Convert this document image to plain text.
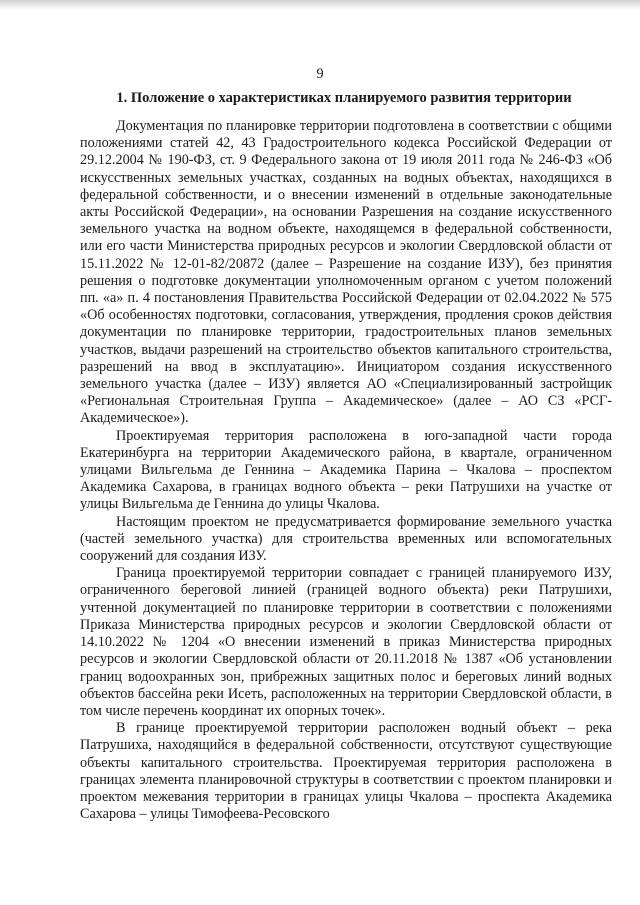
9
1. Положение о характеристиках планируемого развития территории

Документация по планировке территории подготовлена в соответствии с общими положениями статей 42, 43 Градостроительного кодекса Российской Федерации от 29.12.2004 № 190-ФЗ, ст. 9 Федерального закона от 19 июля 2011 года № 246-ФЗ «Об искусственных земельных участках, созданных на водных объектах, находящихся в федеральной собственности, и о внесении изменений в отдельные законодательные акты Российской Федерации», на основании Разрешения на создание искусственного земельного участка на водном объекте, находящемся в федеральной собственности, или его части Министерства природных ресурсов и экологии Свердловской области от 15.11.2022 № 12-01-82/20872 (далее – Разрешение на создание ИЗУ), без принятия решения о подготовке документации уполномоченным органом с учетом положений пп. «а» п. 4 постановления Правительства Российской Федерации от 02.04.2022 № 575 «Об особенностях подготовки, согласования, утверждения, продления сроков действия документации по планировке территории, градостроительных планов земельных участков, выдачи разрешений на строительство объектов капитального строительства, разрешений на ввод в эксплуатацию». Инициатором создания искусственного земельного участка (далее – ИЗУ) является АО «Специализированный застройщик «Региональная Строительная Группа – Академическое» (далее – АО СЗ «РСГ-Академическое»).

Проектируемая территория расположена в юго-западной части города Екатеринбурга на территории Академического района, в квартале, ограниченном улицами Вильгельма де Геннина – Академика Парина – Чкалова – проспектом Академика Сахарова, в границах водного объекта – реки Патрушихи на участке от улицы Вильгельма де Геннина до улицы Чкалова.

Настоящим проектом не предусматривается формирование земельного участка (частей земельного участка) для строительства временных или вспомогательных сооружений для создания ИЗУ.

Граница проектируемой территории совпадает с границей планируемого ИЗУ, ограниченного береговой линией (границей водного объекта) реки Патрушихи, учтенной документацией по планировке территории в соответствии с положениями Приказа Министерства природных ресурсов и экологии Свердловской области от 14.10.2022 № 1204 «О внесении изменений в приказ Министерства природных ресурсов и экологии Свердловской области от 20.11.2018 № 1387 «Об установлении границ водоохранных зон, прибрежных защитных полос и береговых линий водных объектов бассейна реки Исеть, расположенных на территории Свердловской области, в том числе перечень координат их опорных точек».

В границе проектируемой территории расположен водный объект – река Патрушиха, находящийся в федеральной собственности, отсутствуют существующие объекты капитального строительства. Проектируемая территория расположена в границах элемента планировочной структуры в соответствии с проектом планировки и проектом межевания территории в границах улицы Чкалова – проспекта Академика Сахарова – улицы Тимофеева-Ресовского
